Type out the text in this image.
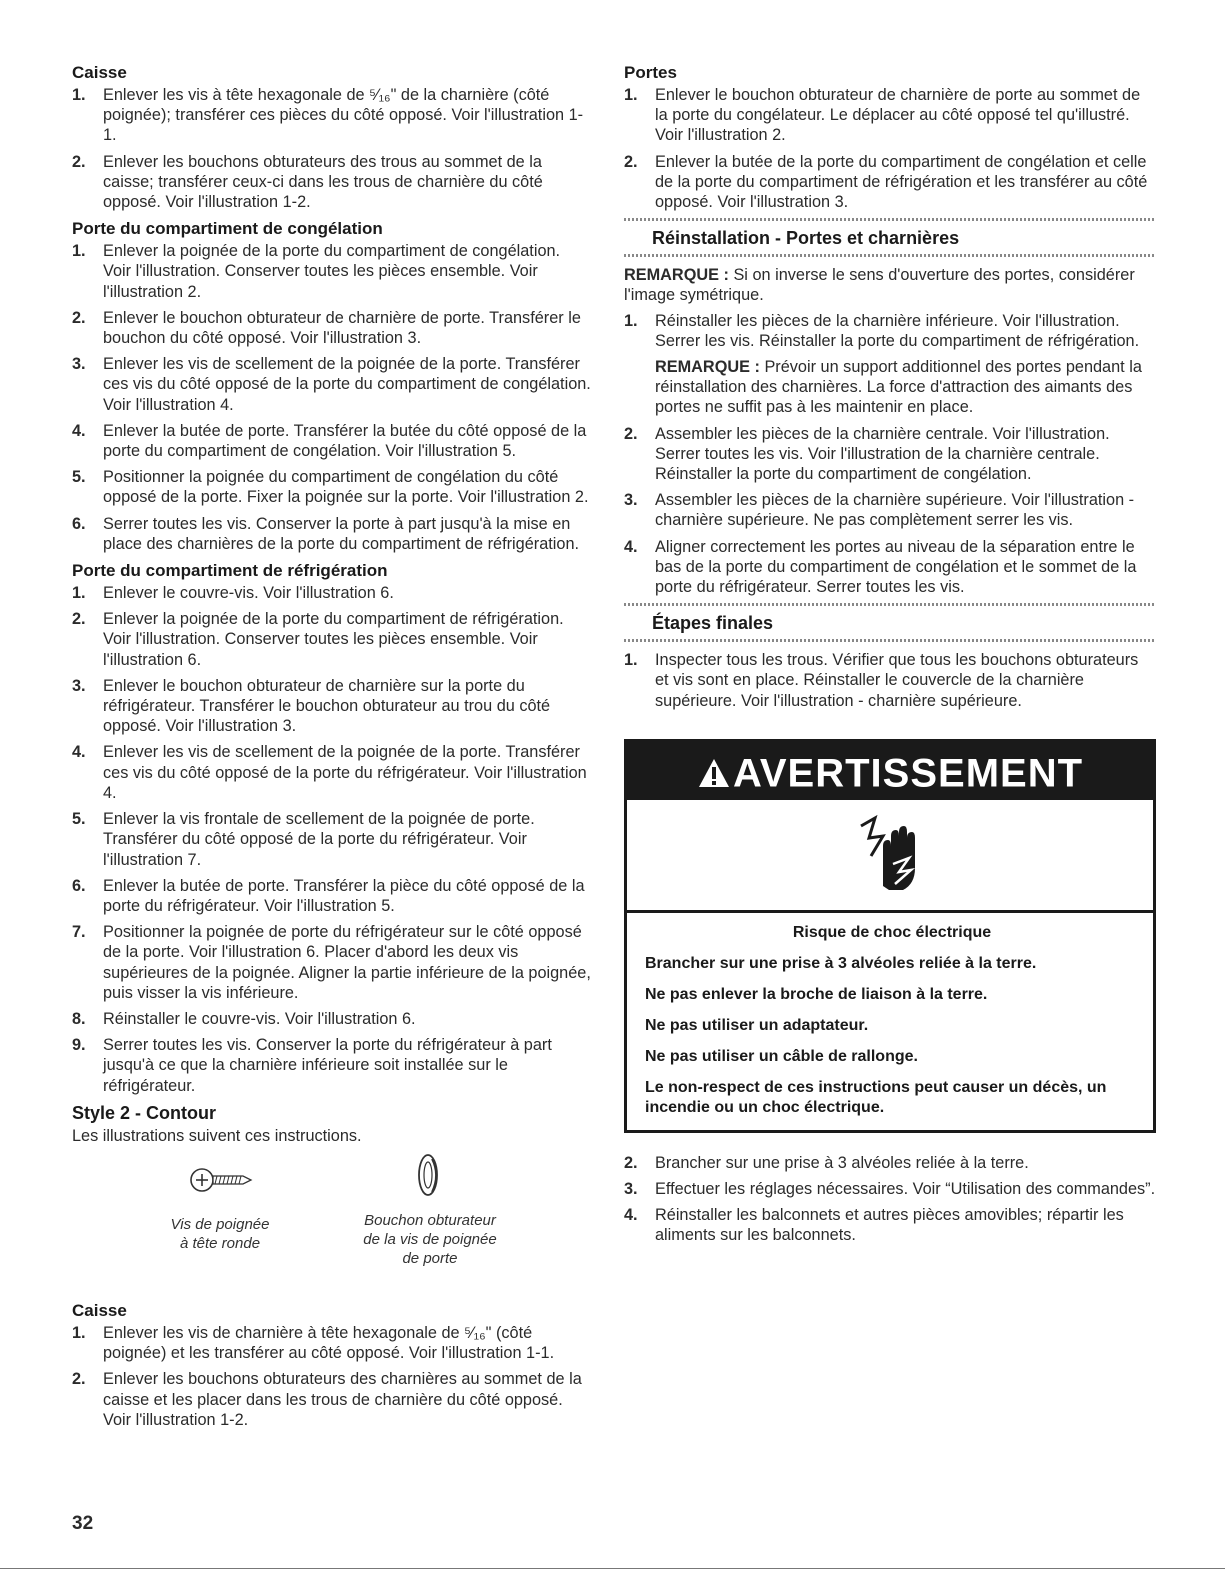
Caisse
1. Enlever les vis à tête hexagonale de ⁵⁄₁₆" de la charnière (côté poignée); transférer ces pièces du côté opposé. Voir l'illustration 1-1.
2. Enlever les bouchons obturateurs des trous au sommet de la caisse; transférer ceux-ci dans les trous de charnière du côté opposé. Voir l'illustration 1-2.
Porte du compartiment de congélation
1. Enlever la poignée de la porte du compartiment de congélation. Voir l'illustration. Conserver toutes les pièces ensemble. Voir l'illustration 2.
2. Enlever le bouchon obturateur de charnière de porte. Transférer le bouchon du côté opposé. Voir l'illustration 3.
3. Enlever les vis de scellement de la poignée de la porte. Transférer ces vis du côté opposé de la porte du compartiment de congélation. Voir l'illustration 4.
4. Enlever la butée de porte. Transférer la butée du côté opposé de la porte du compartiment de congélation. Voir l'illustration 5.
5. Positionner la poignée du compartiment de congélation du côté opposé de la porte. Fixer la poignée sur la porte. Voir l'illustration 2.
6. Serrer toutes les vis. Conserver la porte à part jusqu'à la mise en place des charnières de la porte du compartiment de réfrigération.
Porte du compartiment de réfrigération
1. Enlever le couvre-vis. Voir l'illustration 6.
2. Enlever la poignée de la porte du compartiment de réfrigération. Voir l'illustration. Conserver toutes les pièces ensemble. Voir l'illustration 6.
3. Enlever le bouchon obturateur de charnière sur la porte du réfrigérateur. Transférer le bouchon obturateur au trou du côté opposé. Voir l'illustration 3.
4. Enlever les vis de scellement de la poignée de la porte. Transférer ces vis du côté opposé de la porte du réfrigérateur. Voir l'illustration 4.
5. Enlever la vis frontale de scellement de la poignée de porte. Transférer du côté opposé de la porte du réfrigérateur. Voir l'illustration 7.
6. Enlever la butée de porte. Transférer la pièce du côté opposé de la porte du réfrigérateur. Voir l'illustration 5.
7. Positionner la poignée de porte du réfrigérateur sur le côté opposé de la porte. Voir l'illustration 6. Placer d'abord les deux vis supérieures de la poignée. Aligner la partie inférieure de la poignée, puis visser la vis inférieure.
8. Réinstaller le couvre-vis. Voir l'illustration 6.
9. Serrer toutes les vis. Conserver la porte du réfrigérateur à part jusqu'à ce que la charnière inférieure soit installée sur le réfrigérateur.
Style 2 - Contour

Les illustrations suivent ces instructions.

Vis de poignée
à tête ronde
Bouchon obturateur
de la vis de poignée
de porte
Caisse
1. Enlever les vis de charnière à tête hexagonale de ⁵⁄₁₆" (côté poignée) et les transférer au côté opposé. Voir l'illustration 1-1.
2. Enlever les bouchons obturateurs des charnières au sommet de la caisse et les placer dans les trous de charnière du côté opposé. Voir l'illustration 1-2.
Portes
1. Enlever le bouchon obturateur de charnière de porte au sommet de la porte du congélateur. Le déplacer au côté opposé tel qu'illustré. Voir l'illustration 2.
2. Enlever la butée de la porte du compartiment de congélation et celle de la porte du compartiment de réfrigération et les transférer au côté opposé. Voir l'illustration 3.
Réinstallation - Portes et charnières

REMARQUE : Si on inverse le sens d'ouverture des portes, considérer l'image symétrique.

1. Réinstaller les pièces de la charnière inférieure. Voir l'illustration. Serrer les vis. Réinstaller la porte du compartiment de réfrigération.
REMARQUE : Prévoir un support additionnel des portes pendant la réinstallation des charnières. La force d'attraction des aimants des portes ne suffit pas à les maintenir en place.
2. Assembler les pièces de la charnière centrale. Voir l'illustration. Serrer toutes les vis. Voir l'illustration de la charnière centrale. Réinstaller la porte du compartiment de congélation.
3. Assembler les pièces de la charnière supérieure. Voir l'illustration - charnière supérieure. Ne pas complètement serrer les vis.
4. Aligner correctement les portes au niveau de la séparation entre le bas de la porte du compartiment de congélation et le sommet de la porte du réfrigérateur. Serrer toutes les vis.
Étapes finales
1. Inspecter tous les trous. Vérifier que tous les bouchons obturateurs et vis sont en place. Réinstaller le couvercle de la charnière supérieure. Voir l'illustration - charnière supérieure.
AVERTISSEMENT

Risque de choc électrique

Brancher sur une prise à 3 alvéoles reliée à la terre.

Ne pas enlever la broche de liaison à la terre.

Ne pas utiliser un adaptateur.

Ne pas utiliser un câble de rallonge.

Le non-respect de ces instructions peut causer un décès, un incendie ou un choc électrique.

2. Brancher sur une prise à 3 alvéoles reliée à la terre.
3. Effectuer les réglages nécessaires. Voir “Utilisation des commandes”.
4. Réinstaller les balconnets et autres pièces amovibles; répartir les aliments sur les balconnets.
32
